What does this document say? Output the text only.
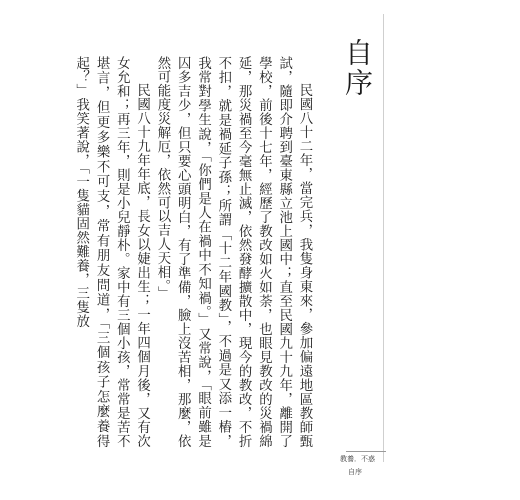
自序

民國八十二年，當完兵，我隻身東來，參加偏遠地區教師甄試，隨即介聘到臺東縣立池上國中；直至民國九十九年，離開了學校，前後十七年，經歷了教改如火如荼，也眼見教改的災禍綿延，那災禍至今毫無止滅，依然發酵擴散中，現今的教改，不折不扣，就是禍延子孫；所謂「十二年國教」，不過是又添一樁，我常對學生說，「你們是人在禍中不知禍。」又常說，「眼前雖是囚多吉少，但只要心頭明白，有了準備，臉上沒苦相，那麼，依然可能度災解厄，依然可以吉人天相。」

民國八十九年年底，長女以婕出生；一年四個月後，又有次女允和；再三年，則是小兒靜朴。家中有三個小孩，常常是苦不堪言，但更多樂不可支，常有朋友問道，「三個孩子怎麼養得起？」我笑著說，「一隻貓固然難養，三隻放

教養．不惑
自序
